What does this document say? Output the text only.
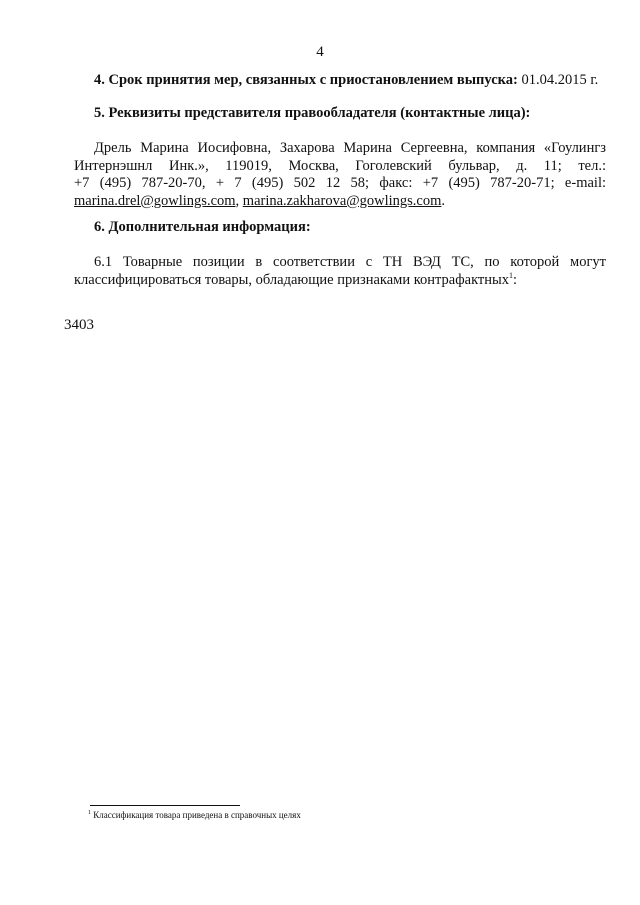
4
4. Срок принятия мер, связанных с приостановлением выпуска: 01.04.2015 г.
5. Реквизиты представителя правообладателя (контактные лица):
Дрель Марина Иосифовна, Захарова Марина Сергеевна, компания «Гоулингз
Интернэшнл Инк.», 119019, Москва, Гоголевский бульвар, д. 11; тел.:
+7 (495) 787-20-70, + 7 (495) 502 12 58; факс: +7 (495) 787-20-71; e-mail:
marina.drel@gowlings.com, marina.zakharova@gowlings.com.
6. Дополнительная информация:
6.1 Товарные позиции в соответствии с ТН ВЭД ТС, по которой могут
классифицироваться товары, обладающие признаками контрафактных$^1$:
3403
$^1$ Классификация товара приведена в справочных целях
